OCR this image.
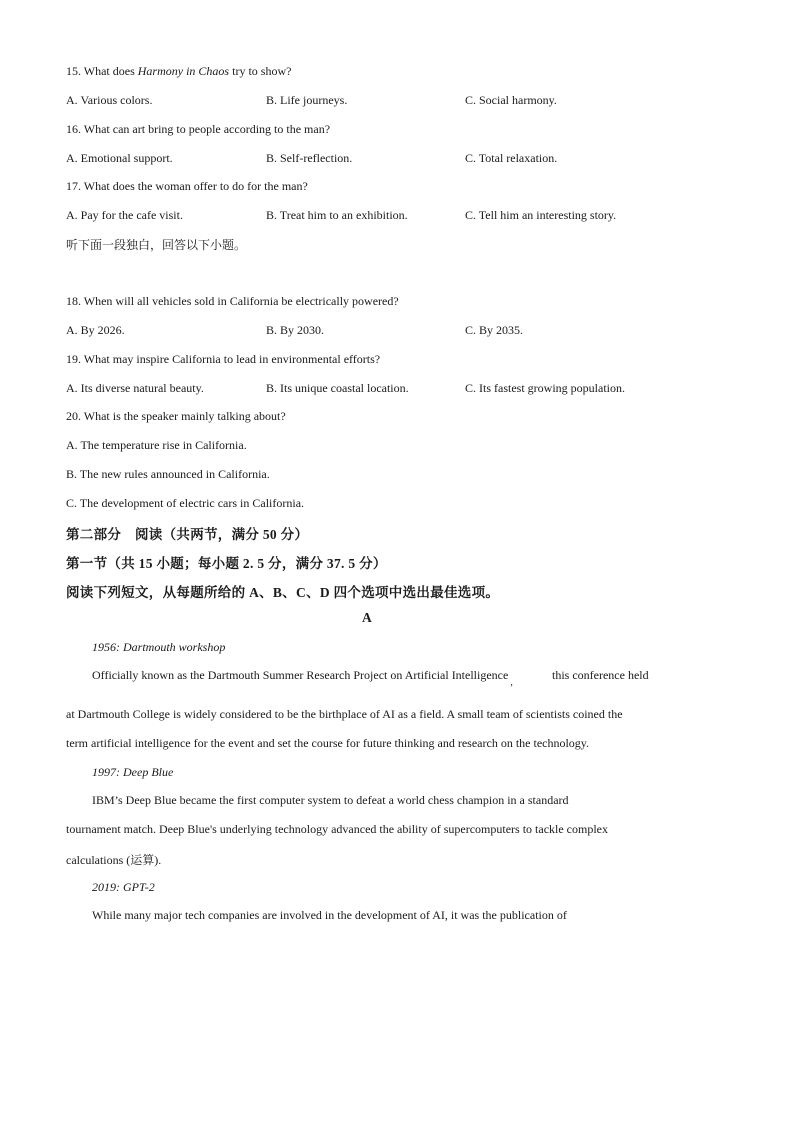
15. What does Harmony in Chaos try to show?
A. Various colors.	B. Life journeys.	C. Social harmony.
16. What can art bring to people according to the man?
A. Emotional support.	B. Self-reflection.	C. Total relaxation.
17. What does the woman offer to do for the man?
A. Pay for the cafe visit.	B. Treat him to an exhibition.	C. Tell him an interesting story.
听下面一段独白，回答以下小题。
18. When will all vehicles sold in California be electrically powered?
A. By 2026.	B. By 2030.	C. By 2035.
19. What may inspire California to lead in environmental efforts?
A. Its diverse natural beauty.	B. Its unique coastal location.	C. Its fastest growing population.
20. What is the speaker mainly talking about?
A. The temperature rise in California.
B. The new rules announced in California.
C. The development of electric cars in California.
第二部分　阅读（共两节，满分 50 分）
第一节（共 15 小题；每小题 2. 5 分，满分 37. 5 分）
阅读下列短文，从每题所给的 A、B、C、D 四个选项中选出最佳选项。
A
1956: Dartmouth workshop
Officially known as the Dartmouth Summer Research Project on Artificial Intelligence$_,$
this conference held
at Dartmouth College is widely considered to be the birthplace of AI as a field. A small team of scientists coined the
term artificial intelligence for the event and set the course for future thinking and research on the technology.
1997: Deep Blue
IBM’s Deep Blue became the first computer system to defeat a world chess champion in a standard
tournament match. Deep Blue's underlying technology advanced the ability of supercomputers to tackle complex
calculations (运算).
2019: GPT-2
While many major tech companies are involved in the development of AI, it was the publication of
